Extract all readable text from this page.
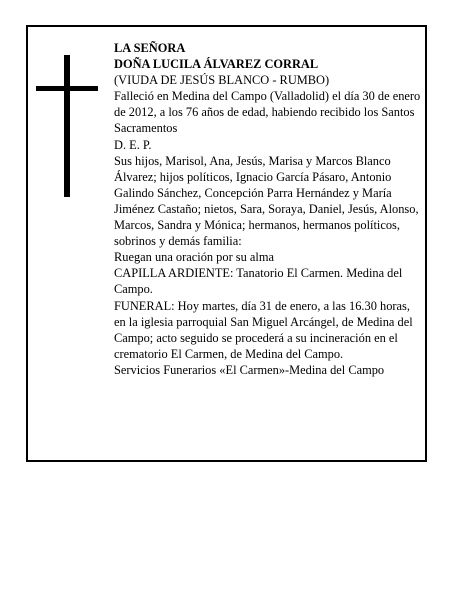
LA SEÑORA

DOÑA LUCILA ÁLVAREZ CORRAL

(VIUDA DE JESÚS BLANCO - RUMBO)

Falleció en Medina del Campo (Valladolid) el día 30 de enero de 2012, a los 76 años de edad, habiendo recibido los Santos Sacramentos

D. E. P.

Sus hijos, Marisol, Ana, Jesús, Marisa y Marcos Blanco Álvarez; hijos políticos, Ignacio García Pásaro, Antonio Galindo Sánchez, Concepción Parra Hernández y María Jiménez Castaño; nietos, Sara, Soraya, Daniel, Jesús, Alonso, Marcos, Sandra y Mónica; hermanos, hermanos políticos, sobrinos y demás familia:

Ruegan una oración por su alma

CAPILLA ARDIENTE: Tanatorio El Carmen. Medina del Campo.

FUNERAL: Hoy martes, día 31 de enero, a las 16.30 horas, en la iglesia parroquial San Miguel Arcángel, de Medina del Campo; acto seguido se procederá a su incineración en el crematorio El Carmen, de Medina del Campo.

Servicios Funerarios «El Carmen»-Medina del Campo
